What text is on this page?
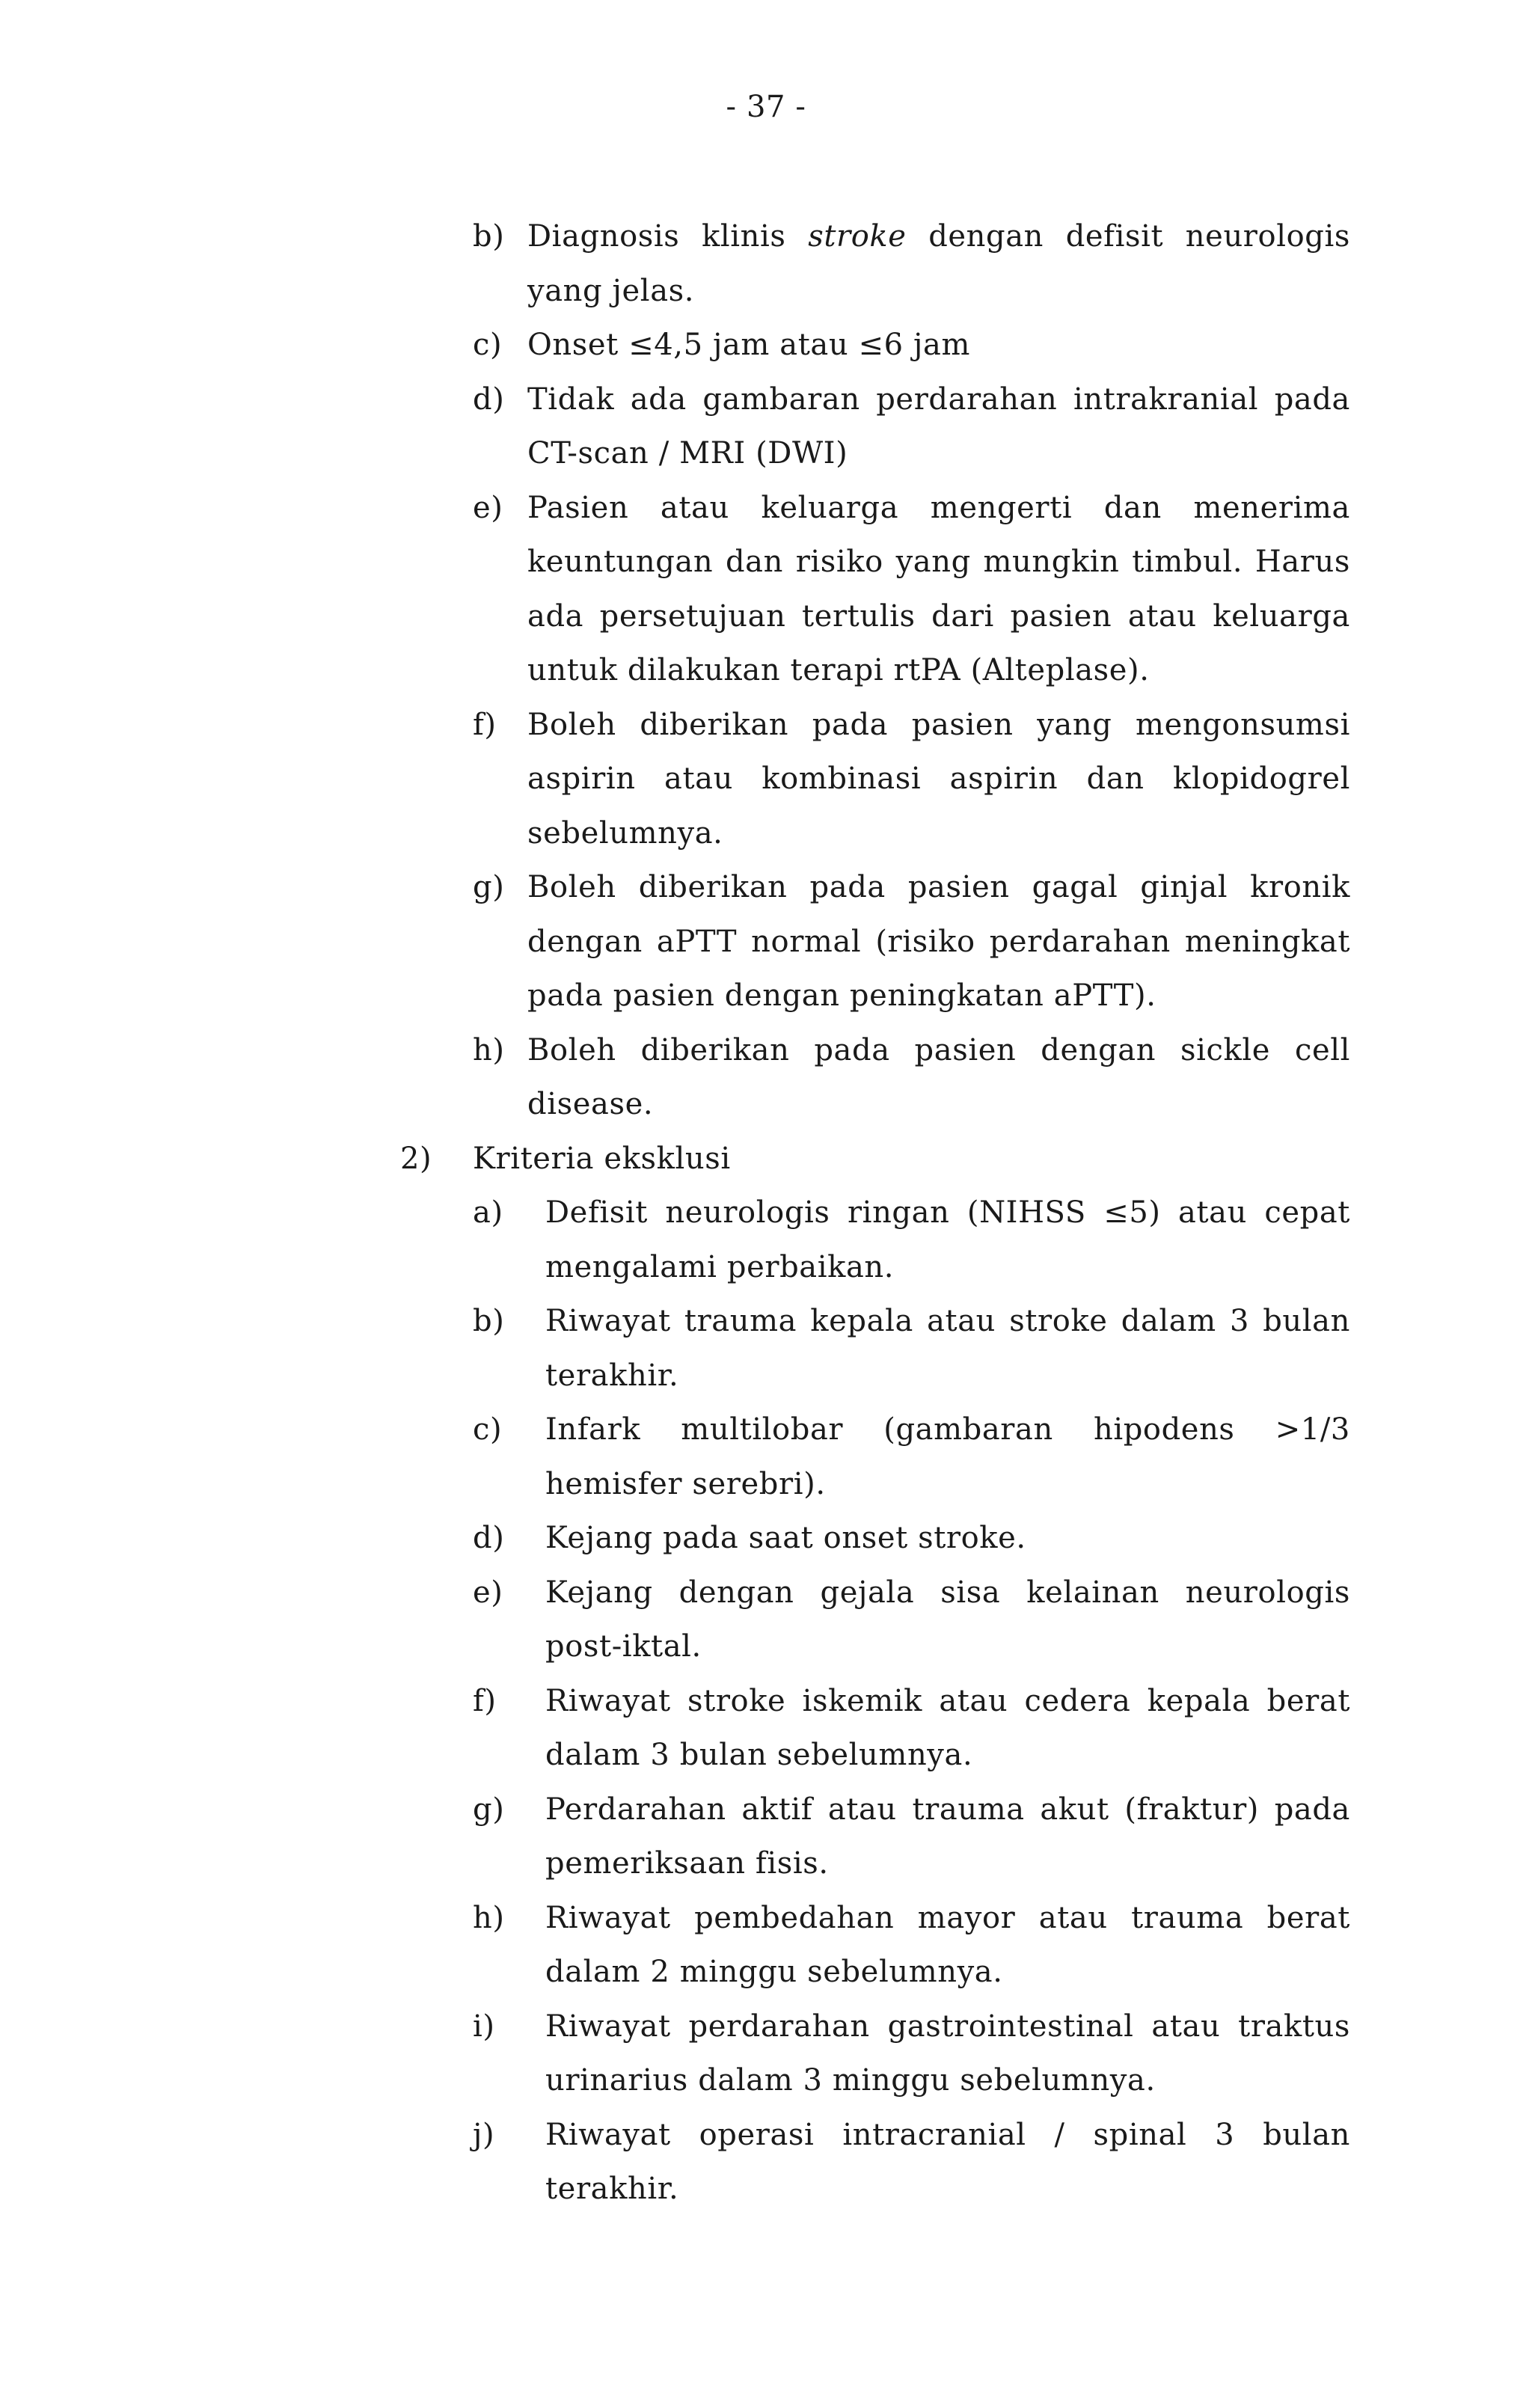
- 37 -
b) Diagnosis klinis stroke dengan defisit neurologis yang jelas.
c) Onset ≤4,5 jam atau ≤6 jam
d) Tidak ada gambaran perdarahan intrakranial pada CT-scan / MRI (DWI)
e) Pasien atau keluarga mengerti dan menerima keuntungan dan risiko yang mungkin timbul. Harus ada persetujuan tertulis dari pasien atau keluarga untuk dilakukan terapi rtPA (Alteplase).
f)	Boleh diberikan pada pasien yang mengonsumsi aspirin atau kombinasi aspirin dan klopidogrel sebelumnya.
g) Boleh diberikan pada pasien gagal ginjal kronik dengan aPTT normal (risiko perdarahan meningkat pada pasien dengan peningkatan aPTT).
h) Boleh diberikan pada pasien dengan sickle cell disease.
2)	Kriteria eksklusi
a)	Defisit neurologis ringan (NIHSS ≤5) atau cepat mengalami perbaikan.
b)	Riwayat trauma kepala atau stroke dalam 3 bulan terakhir.
c)	Infark multilobar (gambaran hipodens >1/3 hemisfer serebri).
d)	Kejang pada saat onset stroke.
e)	Kejang dengan gejala sisa kelainan neurologis post-iktal.
f)	Riwayat stroke iskemik atau cedera kepala berat dalam 3 bulan sebelumnya.
g)	Perdarahan aktif atau trauma akut (fraktur) pada pemeriksaan fisis.
h)	Riwayat pembedahan mayor atau trauma berat dalam 2 minggu sebelumnya.
i)	Riwayat perdarahan gastrointestinal atau traktus urinarius dalam 3 minggu sebelumnya.
j)	Riwayat operasi intracranial / spinal 3 bulan terakhir.
